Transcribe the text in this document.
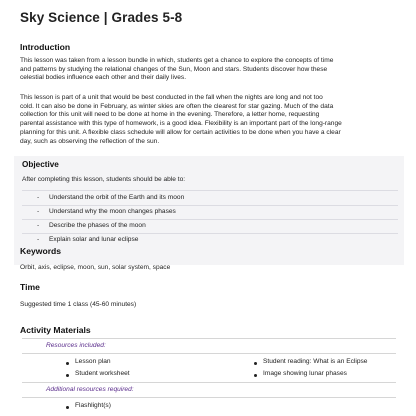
Sky Science | Grades 5-8
Introduction
This lesson was taken from a lesson bundle in which, students get a chance to explore the concepts of time
and patterns by studying the relational changes of the Sun, Moon and stars. Students discover how these
celestial bodies influence each other and their daily lives.
This lesson is part of a unit that would be best conducted in the fall when the nights are long and not too
cold. It can also be done in February, as winter skies are often the clearest for star gazing. Much of the data
collection for this unit will need to be done at home in the evening. Therefore, a letter home, requesting
parental assistance with this type of homework, is a good idea. Flexibility is an important part of the long-range
planning for this unit. A flexible class schedule will allow for certain activities to be done when you have a clear
day, such as observing the reflection of the sun.
Objective
After completing this lesson, students should be able to:
- Understand the orbit of the Earth and its moon
- Understand why the moon changes phases
- Describe the phases of the moon
- Explain solar and lunar eclipse
Keywords
Orbit, axis, eclipse, moon, sun, solar system, space
Time
Suggested time 1 class (45-60 minutes)
Activity Materials
Resources included:
Lesson plan	Student reading: What is an Eclipse
Student worksheet	Image showing lunar phases
Additional resources required:
Flashlight(s)
